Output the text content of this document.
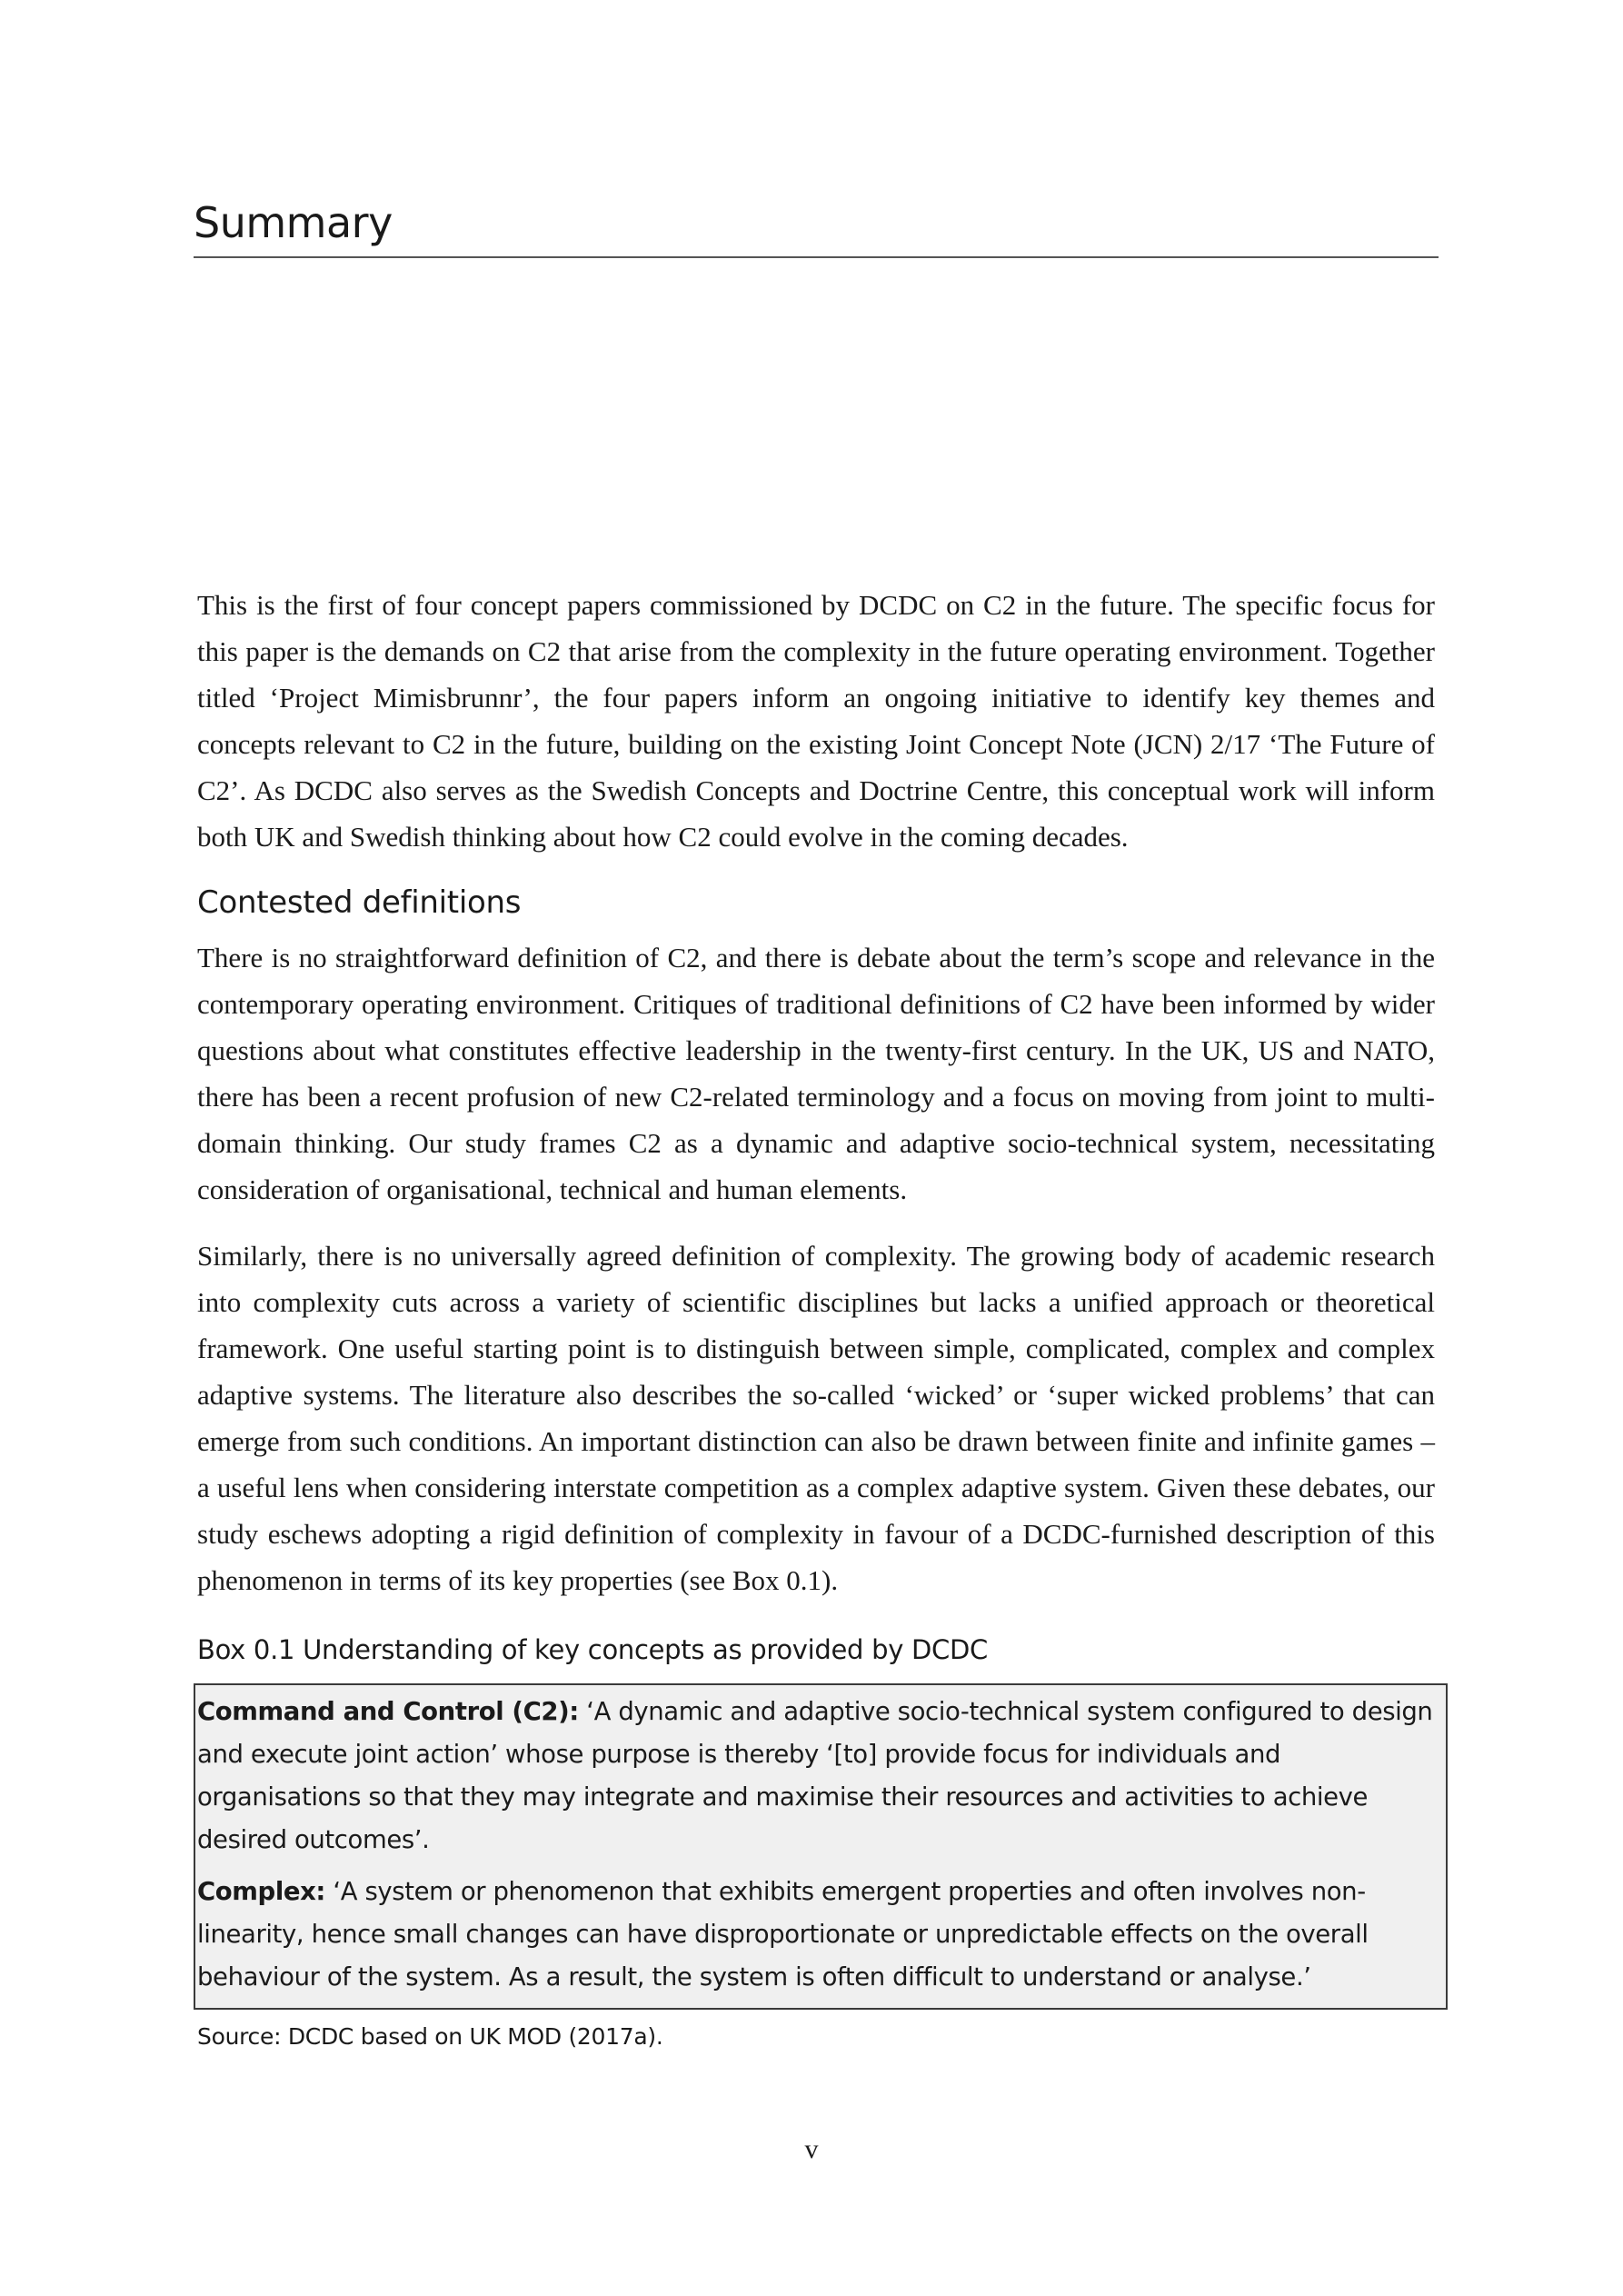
Summary

This is the first of four concept papers commissioned by DCDC on C2 in the future. The specific focus for this paper is the demands on C2 that arise from the complexity in the future operating environment. Together titled ‘Project Mimisbrunnr’, the four papers inform an ongoing initiative to identify key themes and concepts relevant to C2 in the future, building on the existing Joint Concept Note (JCN) 2/17 ‘The Future of C2’. As DCDC also serves as the Swedish Concepts and Doctrine Centre, this conceptual work will inform both UK and Swedish thinking about how C2 could evolve in the coming decades.

Contested definitions

There is no straightforward definition of C2, and there is debate about the term’s scope and relevance in the contemporary operating environment. Critiques of traditional definitions of C2 have been informed by wider questions about what constitutes effective leadership in the twenty-first century. In the UK, US and NATO, there has been a recent profusion of new C2-related terminology and a focus on moving from joint to multi-domain thinking. Our study frames C2 as a dynamic and adaptive socio-technical system, necessitating consideration of organisational, technical and human elements.

Similarly, there is no universally agreed definition of complexity. The growing body of academic research into complexity cuts across a variety of scientific disciplines but lacks a unified approach or theoretical framework. One useful starting point is to distinguish between simple, complicated, complex and complex adaptive systems. The literature also describes the so-called ‘wicked’ or ‘super wicked problems’ that can emerge from such conditions. An important distinction can also be drawn between finite and infinite games – a useful lens when considering interstate competition as a complex adaptive system. Given these debates, our study eschews adopting a rigid definition of complexity in favour of a DCDC-furnished description of this phenomenon in terms of its key properties (see Box 0.1).

Box 0.1 Understanding of key concepts as provided by DCDC

Command and Control (C2): ‘A dynamic and adaptive socio-technical system configured to design and execute joint action’ whose purpose is thereby ‘[to] provide focus for individuals and organisations so that they may integrate and maximise their resources and activities to achieve desired outcomes’.

Complex: ‘A system or phenomenon that exhibits emergent properties and often involves non-linearity, hence small changes can have disproportionate or unpredictable effects on the overall behaviour of the system. As a result, the system is often difficult to understand or analyse.’

Source: DCDC based on UK MOD (2017a).

v
